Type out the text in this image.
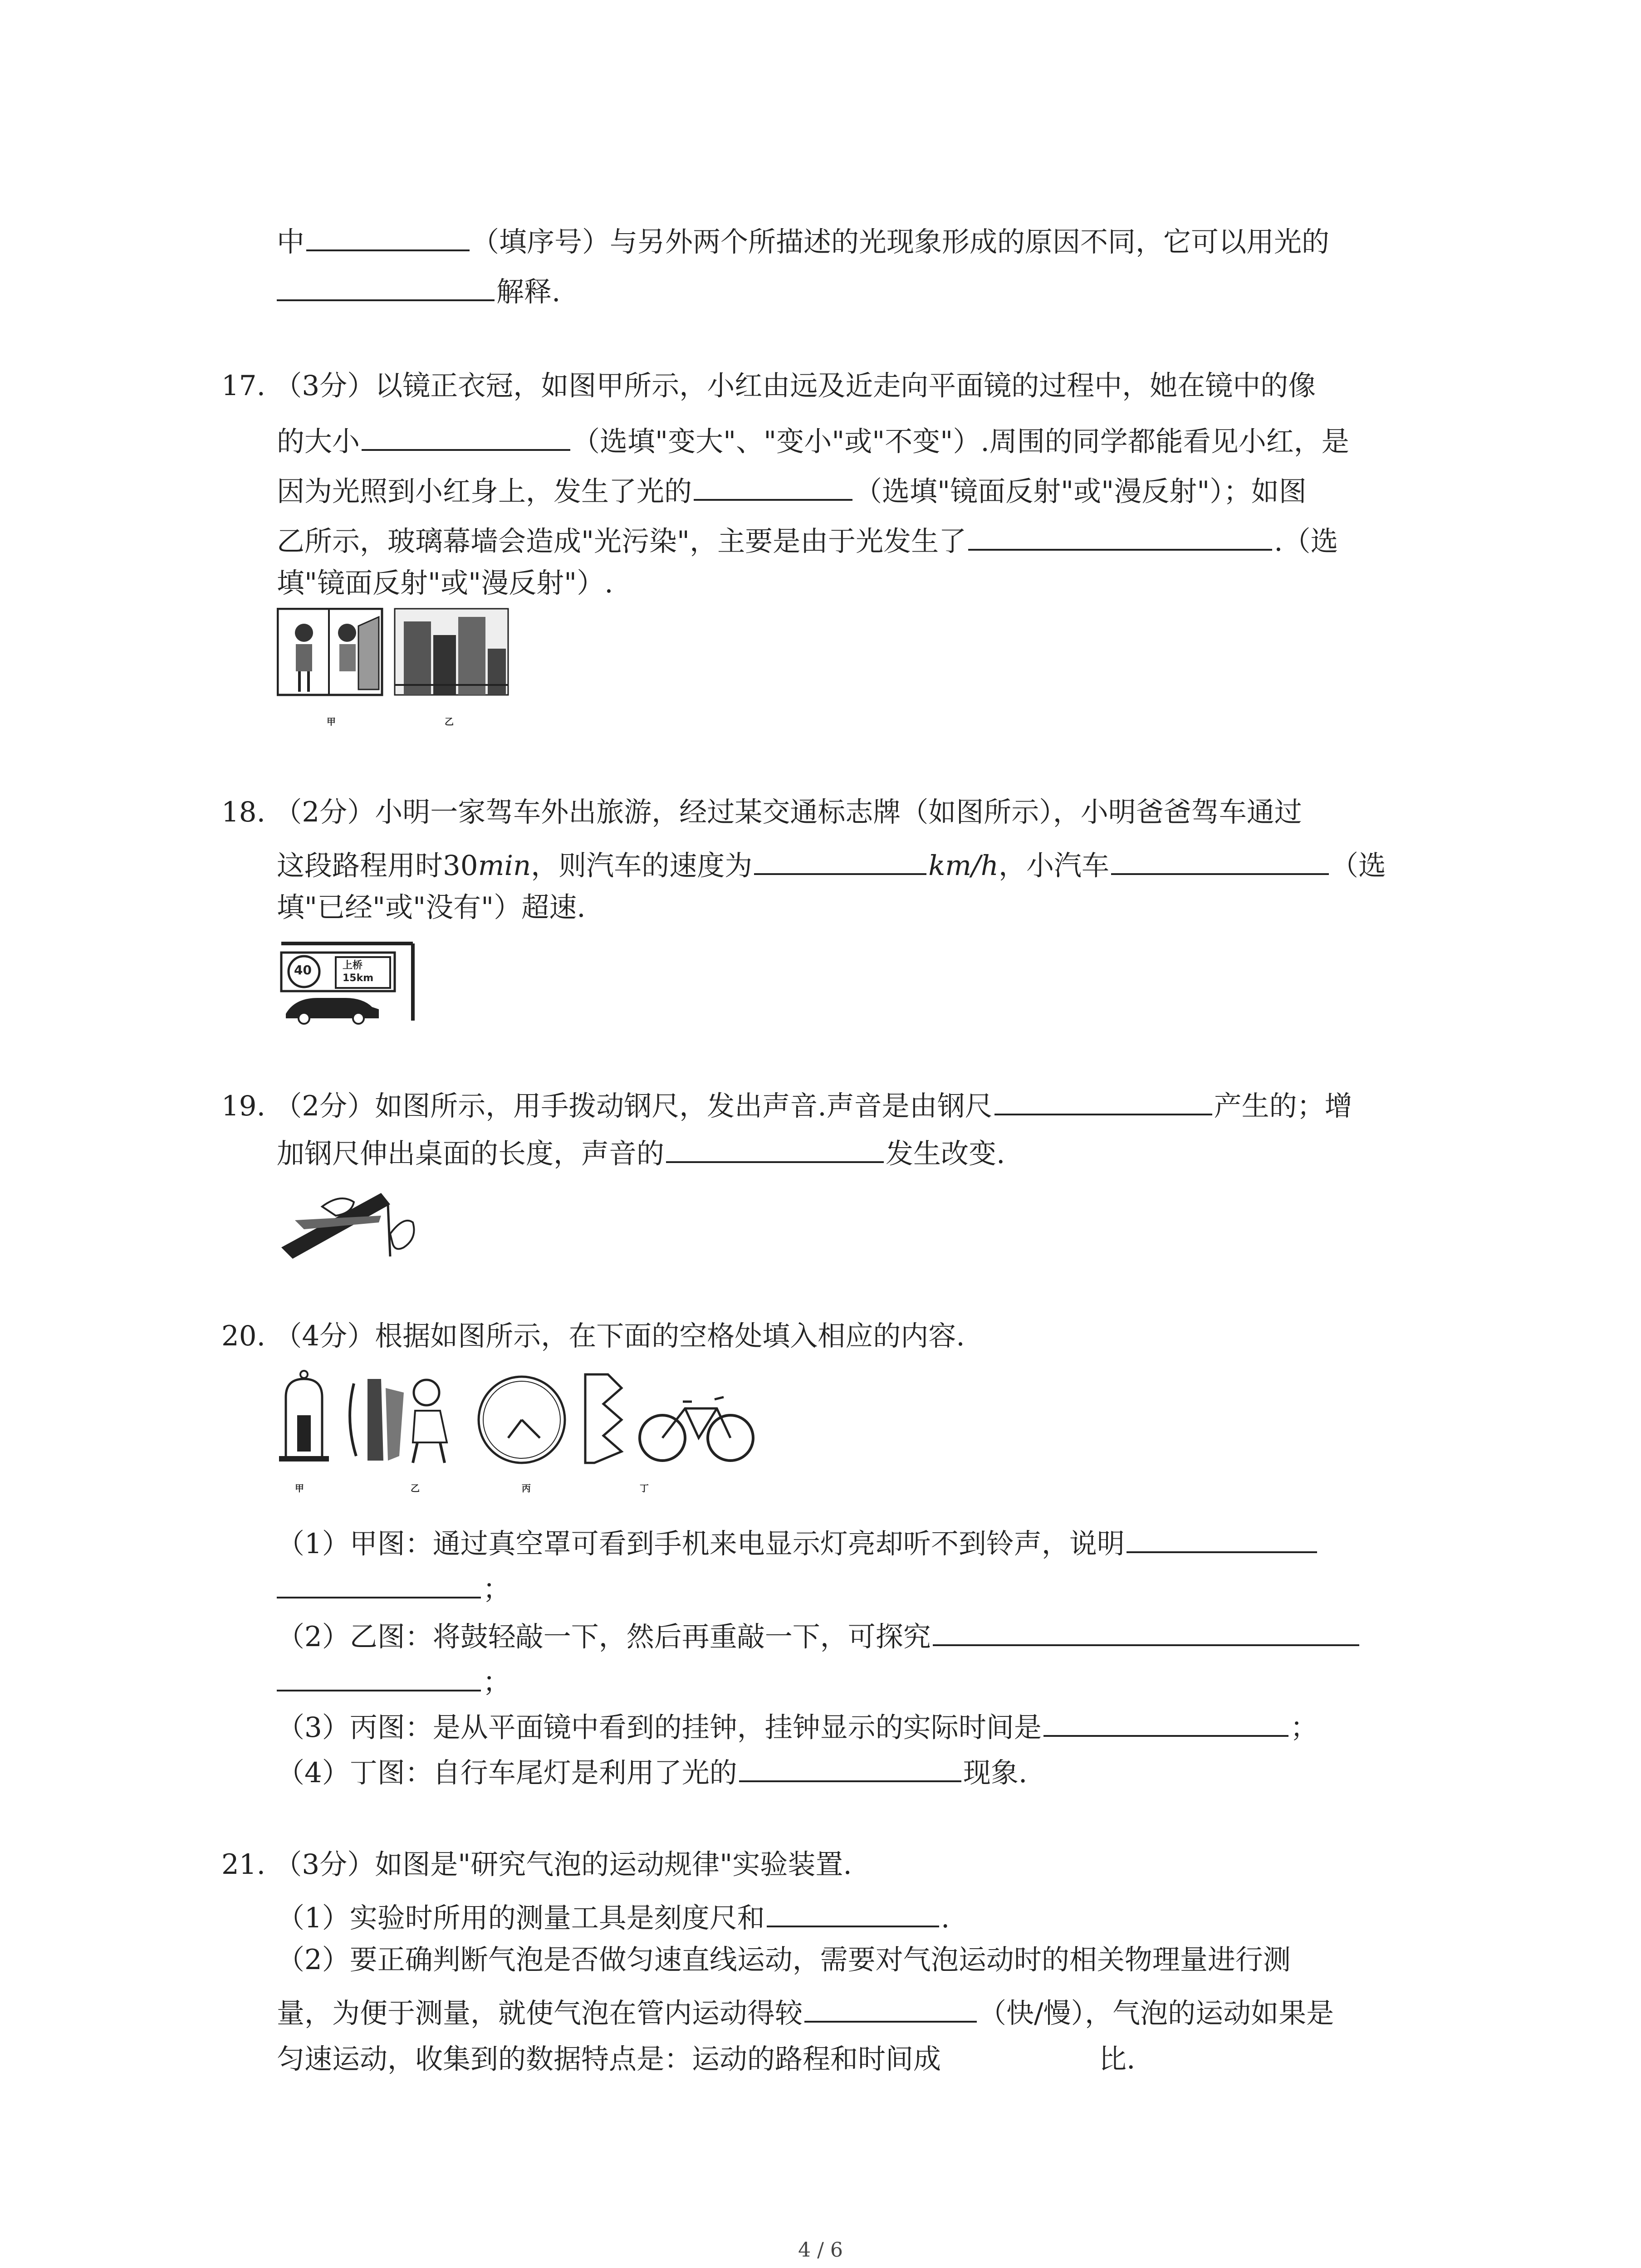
中	（填序号）与另外两个所描述的光现象形成的原因不同，它可以用光的
解释.
17. （3分）以镜正衣冠，如图甲所示，小红由远及近走向平面镜的过程中，她在镜中的像
的大小	（选填"变大"、"变小"或"不变"）.周围的同学都能看见小红，是
因为光照到小红身上，发生了光的	（选填"镜面反射"或"漫反射"）；如图
乙所示，玻璃幕墙会造成"光污染"，主要是由于光发生了	.（选
填"镜面反射"或"漫反射"）.
甲	乙
18. （2分）小明一家驾车外出旅游，经过某交通标志牌（如图所示），小明爸爸驾车通过
这段路程用时30min，则汽车的速度为	km/h，小汽车	（选
填"已经"或"没有"）超速.
40	上桥
15km
19. （2分）如图所示，用手拨动钢尺，发出声音.声音是由钢尺	产生的；增
加钢尺伸出桌面的长度，声音的	发生改变.
20. （4分）根据如图所示，在下面的空格处填入相应的内容.
甲	乙	丙	丁
（1）甲图：通过真空罩可看到手机来电显示灯亮却听不到铃声，说明
；
（2）乙图：将鼓轻敲一下，然后再重敲一下，可探究
；
（3）丙图：是从平面镜中看到的挂钟，挂钟显示的实际时间是	；
（4）丁图：自行车尾灯是利用了光的	现象.
21. （3分）如图是"研究气泡的运动规律"实验装置.
（1）实验时所用的测量工具是刻度尺和	.
（2）要正确判断气泡是否做匀速直线运动，需要对气泡运动时的相关物理量进行测
量，为便于测量，就使气泡在管内运动得较	（快/慢），气泡的运动如果是
匀速运动，收集到的数据特点是：运动的路程和时间成	比.
4 / 6
